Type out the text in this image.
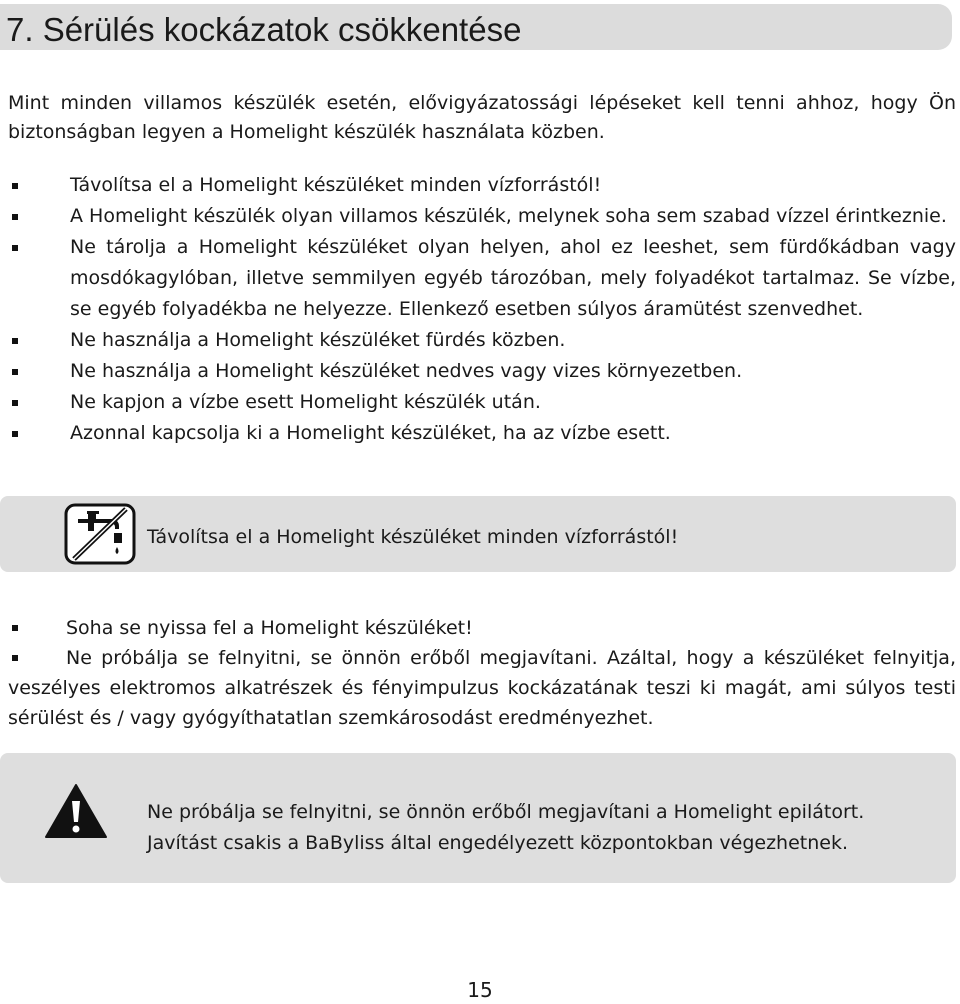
7. Sérülés kockázatok csökkentése

Mint minden villamos készülék esetén, elővigyázatossági lépéseket kell tenni ahhoz, hogy Ön biztonságban legyen a Homelight készülék használata közben.

Távolítsa el a Homelight készüléket minden vízforrástól!
A Homelight készülék olyan villamos készülék, melynek soha sem szabad vízzel érintkeznie.
Ne tárolja a Homelight készüléket olyan helyen, ahol ez leeshet, sem fürdőkádban vagy mosdókagylóban, illetve semmilyen egyéb tározóban, mely folyadékot tartalmaz. Se vízbe, se egyéb folyadékba ne helyezze. Ellenkező esetben súlyos áramütést szenvedhet.
Ne használja a Homelight készüléket fürdés közben.
Ne használja a Homelight készüléket nedves vagy vizes környezetben.
Ne kapjon a vízbe esett Homelight készülék után.
Azonnal kapcsolja ki a Homelight készüléket, ha az vízbe esett.
Távolítsa el a Homelight készüléket minden vízforrástól!
Soha se nyissa fel a Homelight készüléket!
Ne próbálja se felnyitni, se önnön erőből megjavítani. Azáltal, hogy a készüléket felnyitja, veszélyes elektromos alkatrészek és fényimpulzus kockázatának teszi ki magát, ami súlyos testi sérülést és / vagy gyógyíthatatlan szemkárosodást eredményezhet.
Ne próbálja se felnyitni, se önnön erőből megjavítani a Homelight epilátort.
Javítást csakis a BaByliss által engedélyezett központokban végezhetnek.
15
